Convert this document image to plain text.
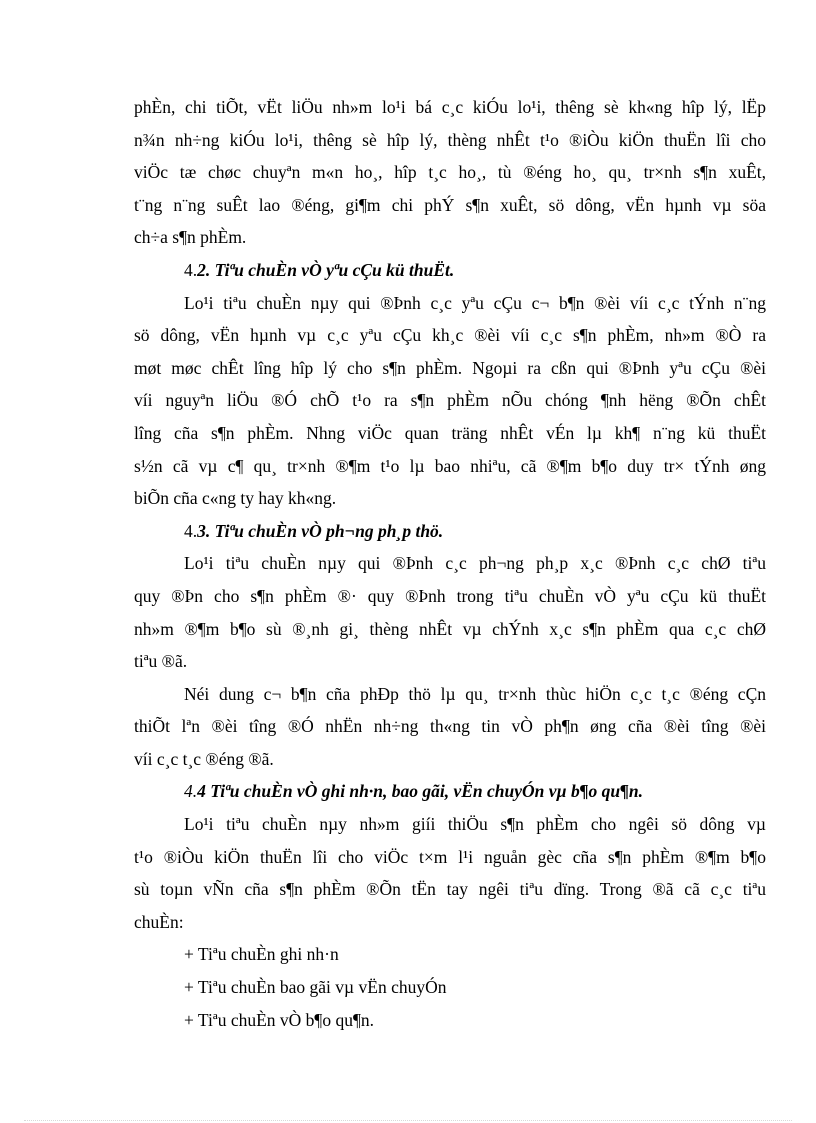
phÈn, chi tiÕt, vËt liÖu nh»m lo¹i bá c¸c kiÓu lo¹i, thêng sè kh«ng hîp lý, lËp
n¾n nh÷ng kiÓu lo¹i, thêng sè hîp lý, thèng nhÊt t¹o ®iÒu kiÖn thuËn lîi cho
viÖc tæ chøc chuyªn m«n ho¸, hîp t¸c ho¸, tù ®éng ho¸ qu¸ tr×nh s¶n xuÊt,
t¨ng n¨ng suÊt lao ®éng, gi¶m chi phÝ s¶n xuÊt, sö dông, vËn hµnh vµ söa
ch÷a s¶n phÈm.
4.2. Tiªu chuÈn vÒ yªu cÇu kü thuËt.
Lo¹i tiªu chuÈn nµy qui ®Þnh c¸c yªu cÇu c¬ b¶n ®èi víi c¸c tÝnh n¨ng
sö dông, vËn hµnh vµ c¸c yªu cÇu kh¸c ®èi víi c¸c s¶n phÈm, nh»m ®Ò ra
møt møc chÊt lîng hîp lý cho s¶n phÈm. Ngoµi ra cßn qui ®Þnh yªu cÇu ®èi
víi nguyªn liÖu ®Ó chÕ t¹o ra s¶n phÈm nÕu chóng ¶nh hëng ®Õn chÊt
lîng cña s¶n phÈm. Nhng viÖc quan träng nhÊt vÉn lµ kh¶ n¨ng kü thuËt
s½n cã vµ c¶ qu¸ tr×nh ®¶m t¹o lµ bao nhiªu, cã ®¶m b¶o duy tr× tÝnh øng
biÕn cña c«ng ty hay kh«ng.
4.3. Tiªu chuÈn vÒ ph¬ng ph¸p thö.
Lo¹i tiªu chuÈn nµy qui ®Þnh c¸c ph¬ng ph¸p x¸c ®Þnh c¸c chØ tiªu
quy ®Þn cho s¶n phÈm ®· quy ®Þnh trong tiªu chuÈn vÒ yªu cÇu kü thuËt
nh»m ®¶m b¶o sù ®¸nh gi¸ thèng nhÊt vµ chÝnh x¸c s¶n phÈm qua c¸c chØ
tiªu ®ã.
Néi dung c¬ b¶n cña phÐp thö lµ qu¸ tr×nh thùc hiÖn c¸c t¸c ®éng cÇn
thiÕt lªn ®èi tîng ®Ó nhËn nh÷ng th«ng tin vÒ ph¶n øng cña ®èi tîng ®èi
víi c¸c t¸c ®éng ®ã.
4.4 Tiªu chuÈn vÒ ghi nh·n, bao gãi, vËn chuyÓn vµ b¶o qu¶n.
Lo¹i tiªu chuÈn nµy nh»m giíi thiÖu s¶n phÈm cho ngêi sö dông vµ
t¹o ®iÒu kiÖn thuËn lîi cho viÖc t×m l¹i nguån gèc cña s¶n phÈm ®¶m b¶o
sù toµn vÑn cña s¶n phÈm ®Õn tËn tay ngêi tiªu dïng. Trong ®ã cã c¸c tiªu
chuÈn:
+ Tiªu chuÈn ghi nh·n
+ Tiªu chuÈn bao gãi vµ vËn chuyÓn
+ Tiªu chuÈn vÒ b¶o qu¶n.
